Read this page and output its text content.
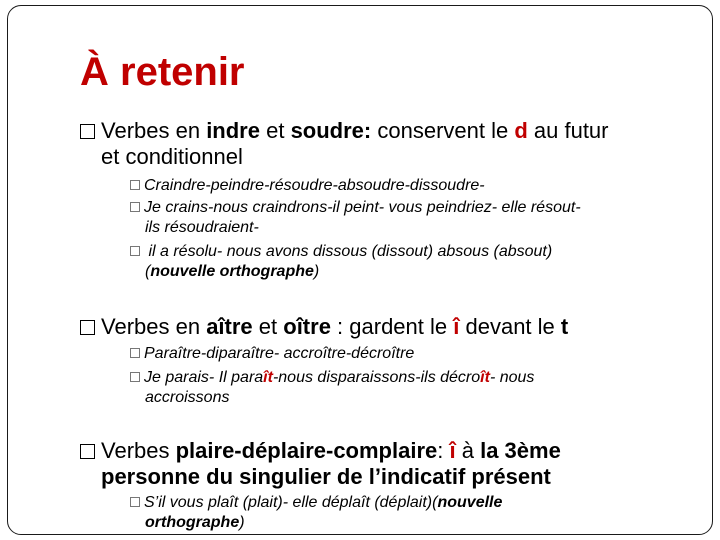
À retenir
Verbes en indre et soudre: conservent le d au futur
et conditionnel
Craindre-peindre-résoudre-absoudre-dissoudre-
Je crains-nous craindrons-il peint- vous peindriez- elle résout-
ils résoudraient-
il a résolu- nous avons dissous (dissout) absous (absout)
(nouvelle orthographe)
Verbes en aître et oître : gardent le î devant le t
Paraître-diparaître- accroître-décroître
Je parais- Il paraît-nous disparaissons-ils décroît- nous
accroissons
Verbes plaire-déplaire-complaire: î à la 3ème
personne du singulier de l’indicatif présent
S’il vous plaît (plait)- elle déplaît (déplait)(nouvelle
orthographe)
